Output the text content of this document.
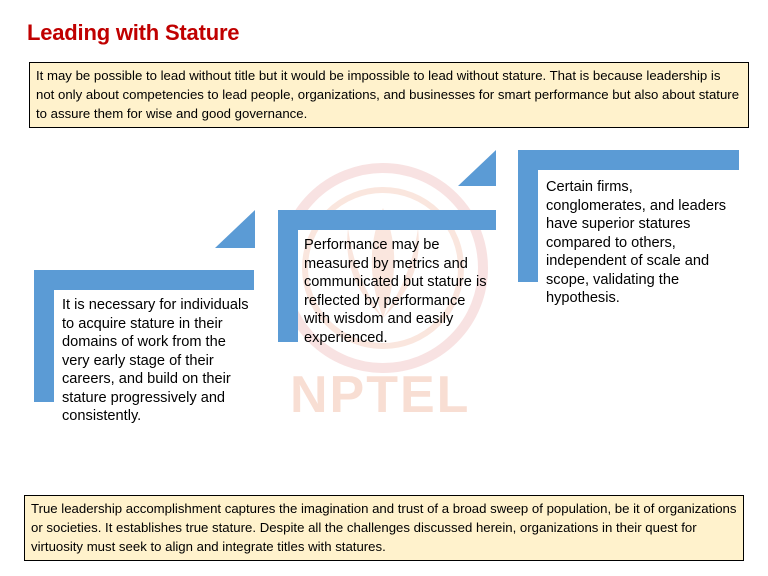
Leading with Stature
It may be possible to lead without title but it would be impossible to lead without stature. That is because leadership is not only about competencies to lead people, organizations, and businesses for smart performance but also about stature to assure them for wise and good governance.
NPTEL
It is necessary for individuals to acquire stature in their domains of work from the very early stage of their careers, and build on their stature progressively and consistently.
Performance may be measured by metrics and communicated but stature is reflected by performance with wisdom and easily experienced.
Certain firms, conglomerates, and leaders have superior statures compared to others, independent of scale and scope, validating the hypothesis.
True leadership accomplishment captures the imagination and trust of a broad sweep of population, be it of organizations or societies. It establishes true stature. Despite all the challenges discussed herein, organizations in their quest for virtuosity must seek to align and integrate titles with statures.
